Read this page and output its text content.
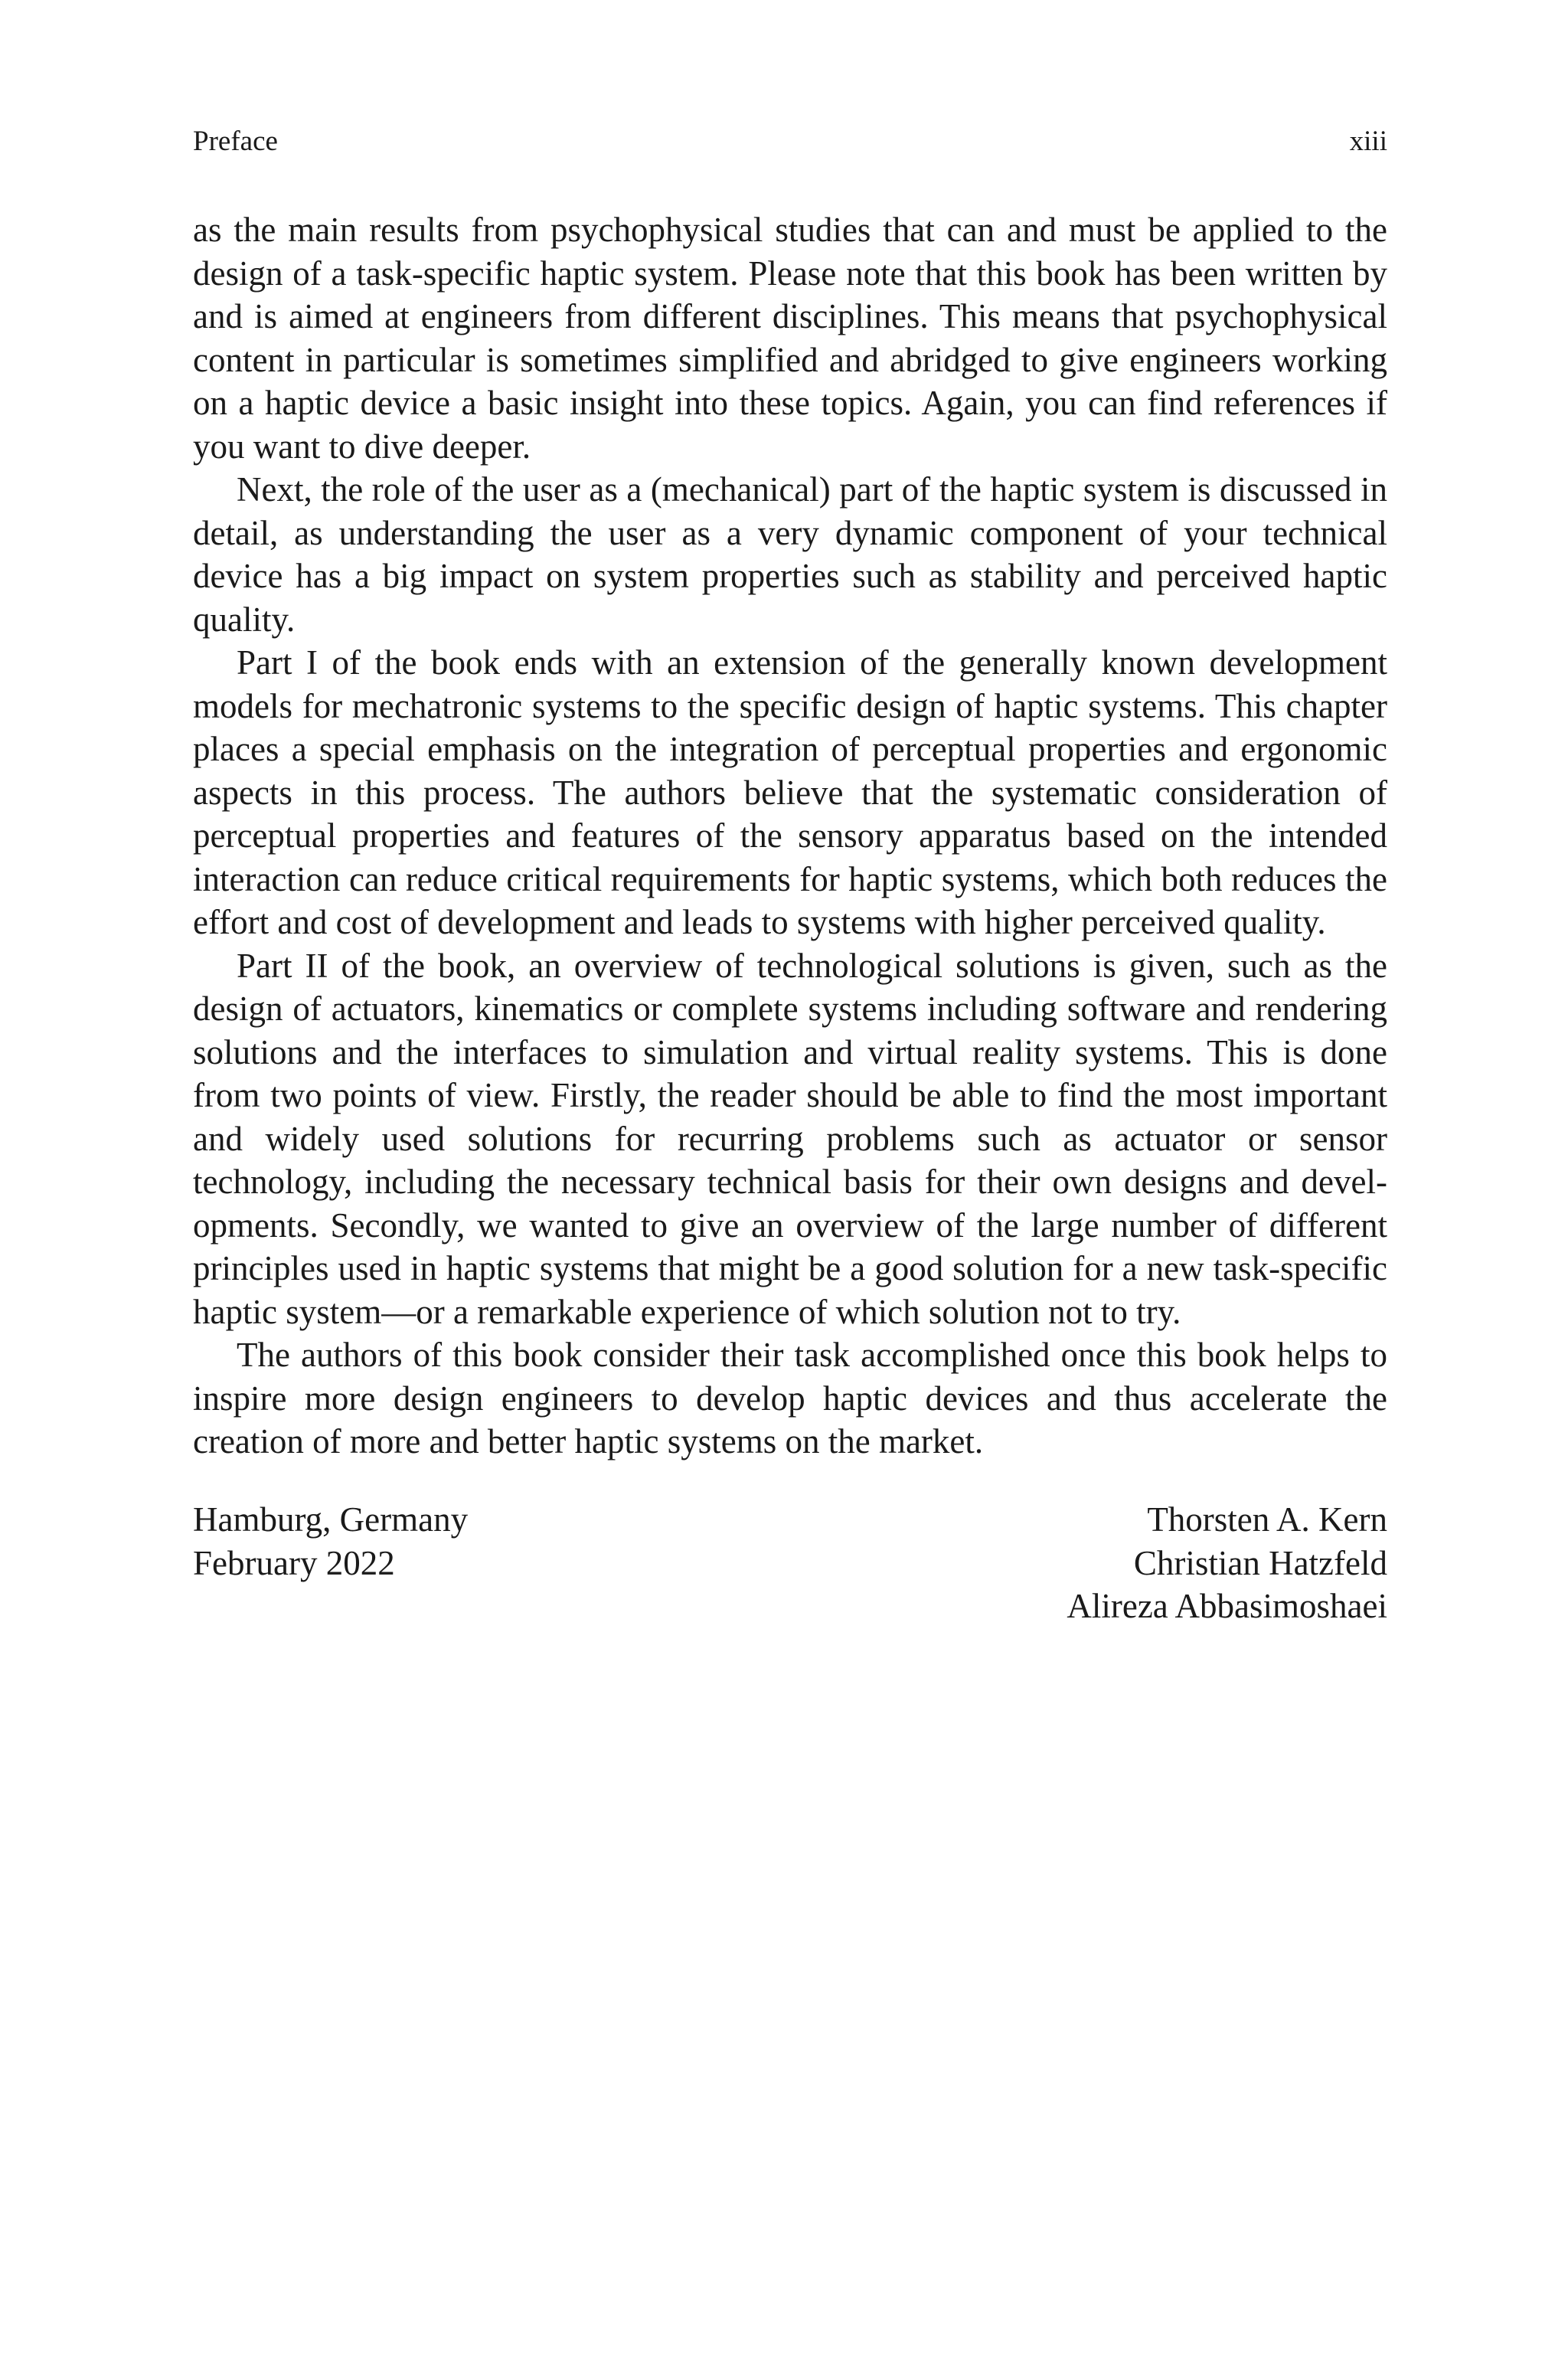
Preface	xiii

as the main results from psychophysical studies that can and must be applied to the design of a task-specific haptic system. Please note that this book has been written by and is aimed at engineers from different disciplines. This means that psychophysical content in particular is sometimes simplified and abridged to give engineers working on a haptic device a basic insight into these topics. Again, you can find references if you want to dive deeper.

Next, the role of the user as a (mechanical) part of the haptic system is discussed in detail, as understanding the user as a very dynamic component of your technical device has a big impact on system properties such as stability and perceived haptic quality.

Part I of the book ends with an extension of the generally known development models for mechatronic systems to the specific design of haptic systems. This chapter places a special emphasis on the integration of perceptual properties and ergonomic aspects in this process. The authors believe that the systematic consideration of perceptual properties and features of the sensory apparatus based on the intended interaction can reduce critical requirements for haptic systems, which both reduces the effort and cost of development and leads to systems with higher perceived quality.

Part II of the book, an overview of technological solutions is given, such as the design of actuators, kinematics or complete systems including software and rendering solutions and the interfaces to simulation and virtual reality systems. This is done from two points of view. Firstly, the reader should be able to find the most important and widely used solutions for recurring problems such as actuator or sensor technology, including the necessary technical basis for their own designs and developments. Secondly, we wanted to give an overview of the large number of different principles used in haptic systems that might be a good solution for a new task-specific haptic system—or a remarkable experience of which solution not to try.

The authors of this book consider their task accomplished once this book helps to inspire more design engineers to develop haptic devices and thus accelerate the creation of more and better haptic systems on the market.

Hamburg, Germany
February 2022
Thorsten A. Kern
Christian Hatzfeld
Alireza Abbasimoshaei
